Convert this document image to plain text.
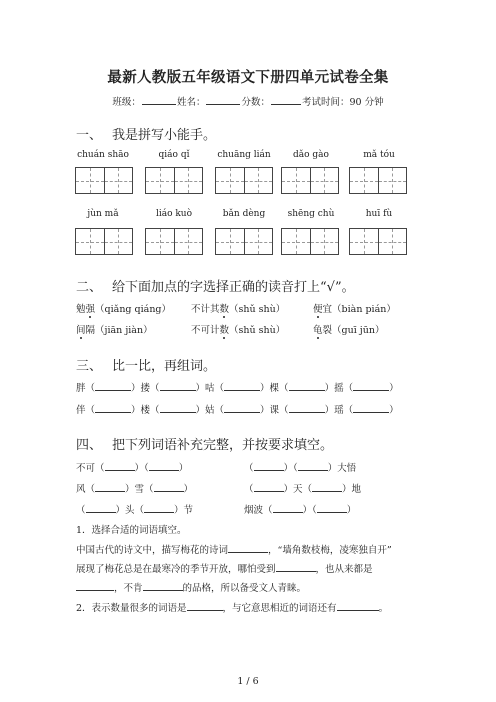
最新人教版五年级语文下册四单元试卷全集
班级：	姓名：	分数：	考试时间：90 分钟
一、 我是拼写小能手。
chuán shāo	qiáo qǐ	chuāng lián	dǎo gào	mǎ tóu
jùn mǎ	liáo kuò	bǎn dèng	shēng chù	huī fù
二、 给下面加点的字选择正确的读音打上“√”。
勉强（qiǎng qiáng） 不计其数（shǔ shù）	便宜（biàn pián）
间隔（jiān jiàn）	不可计数（shǔ shù）	龟裂（guī jūn）
三、 比一比，再组词。
胖（	）搂（	）咕（	）棵（	）摇（	）
伴（	）楼（	）姑（	）课（	）瑶（	）
四、 把下列词语补充完整，并按要求填空。
不可（	）（	）	（	）（	）大悟
风（	）雪（	）	（	）天（	）地
（	）头（	）节	烟波（	）（	）
1．选择合适的词语填空。
中国古代的诗文中，描写梅花的诗词	，“墙角数枝梅，凌寒独自开”
展现了梅花总是在最寒冷的季节开放，哪怕受到	，也从来都是
，不肯	的品格，所以备受文人青睐。
2．表示数量很多的词语是	，与它意思相近的词语还有	。
1 / 6
